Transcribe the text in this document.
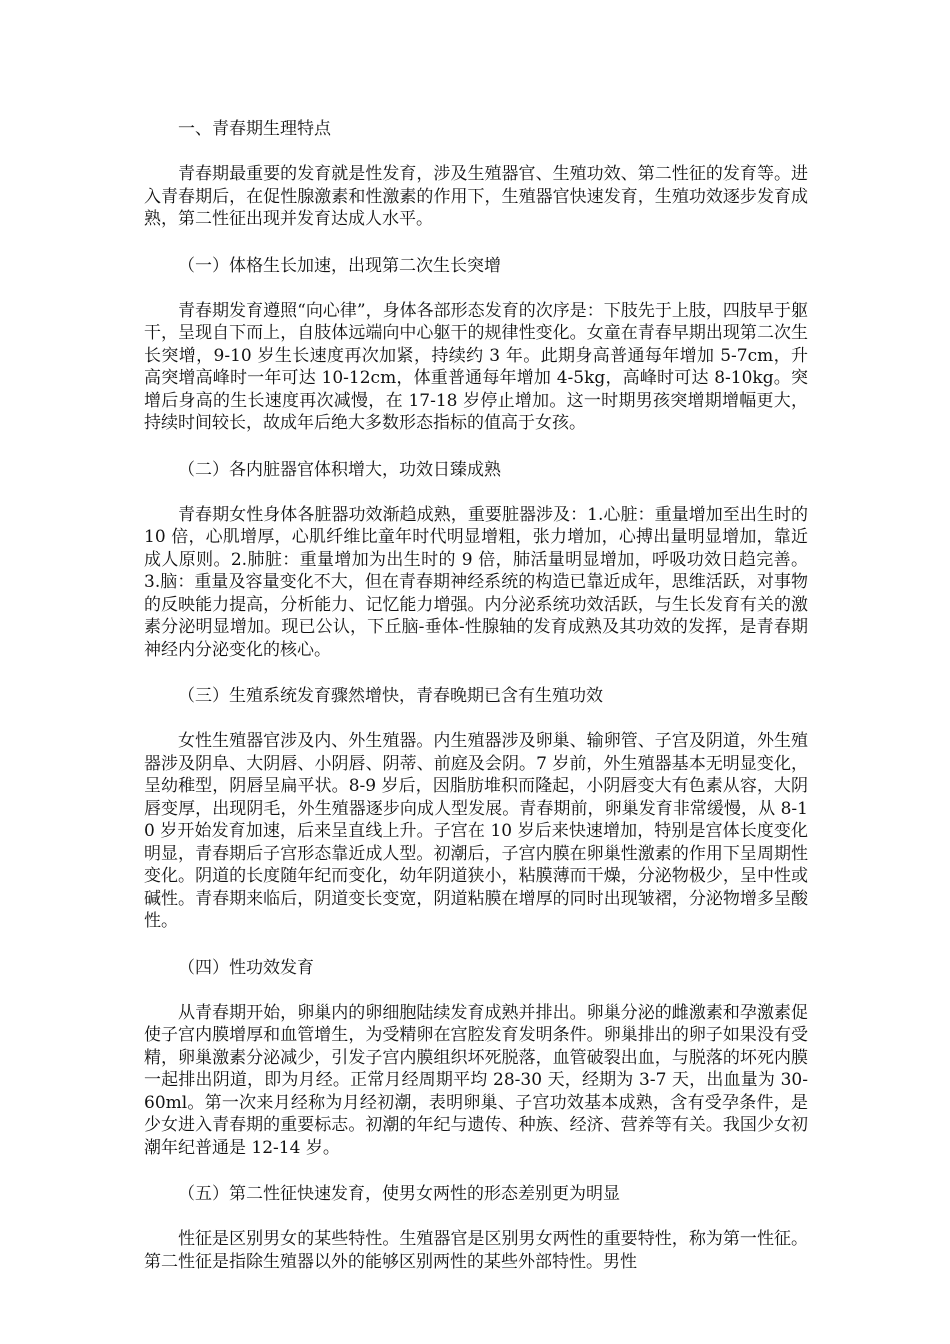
一、青春期生理特点

青春期最重要的发育就是性发育，涉及生殖器官、生殖功效、第二性征的发育等。进入青春期后，在促性腺激素和性激素的作用下，生殖器官快速发育，生殖功效逐步发育成熟，第二性征出现并发育达成人水平。

（一）体格生长加速，出现第二次生长突增

青春期发育遵照“向心律”，身体各部形态发育的次序是：下肢先于上肢，四肢早于躯干，呈现自下而上，自肢体远端向中心躯干的规律性变化。女童在青春早期出现第二次生长突增，9-10 岁生长速度再次加紧，持续约 3 年。此期身高普通每年增加 5-7cm，升高突增高峰时一年可达 10-12cm，体重普通每年增加 4-5kg，高峰时可达 8-10kg。突增后身高的生长速度再次减慢，在 17-18 岁停止增加。这一时期男孩突增期增幅更大，持续时间较长，故成年后绝大多数形态指标的值高于女孩。

（二）各内脏器官体积增大，功效日臻成熟

青春期女性身体各脏器功效渐趋成熟，重要脏器涉及：1.心脏：重量增加至出生时的 10 倍，心肌增厚，心肌纤维比童年时代明显增粗，张力增加，心搏出量明显增加，靠近成人原则。2.肺脏：重量增加为出生时的 9 倍，肺活量明显增加，呼吸功效日趋完善。3.脑：重量及容量变化不大，但在青春期神经系统的构造已靠近成年，思维活跃，对事物的反映能力提高，分析能力、记忆能力增强。内分泌系统功效活跃，与生长发育有关的激素分泌明显增加。现已公认，下丘脑-垂体-性腺轴的发育成熟及其功效的发挥，是青春期神经内分泌变化的核心。

（三）生殖系统发育骤然增快，青春晚期已含有生殖功效

女性生殖器官涉及内、外生殖器。内生殖器涉及卵巢、输卵管、子宫及阴道，外生殖器涉及阴阜、大阴唇、小阴唇、阴蒂、前庭及会阴。7 岁前，外生殖器基本无明显变化，呈幼稚型，阴唇呈扁平状。8-9 岁后，因脂肪堆积而隆起，小阴唇变大有色素从容，大阴唇变厚，出现阴毛，外生殖器逐步向成人型发展。青春期前，卵巢发育非常缓慢，从 8-10 岁开始发育加速，后来呈直线上升。子宫在 10 岁后来快速增加，特别是宫体长度变化明显，青春期后子宫形态靠近成人型。初潮后，子宫内膜在卵巢性激素的作用下呈周期性变化。阴道的长度随年纪而变化，幼年阴道狭小，粘膜薄而干燥，分泌物极少，呈中性或碱性。青春期来临后，阴道变长变宽，阴道粘膜在增厚的同时出现皱褶，分泌物增多呈酸性。

（四）性功效发育

从青春期开始，卵巢内的卵细胞陆续发育成熟并排出。卵巢分泌的雌激素和孕激素促使子宫内膜增厚和血管增生，为受精卵在宫腔发育发明条件。卵巢排出的卵子如果没有受精，卵巢激素分泌减少，引发子宫内膜组织坏死脱落，血管破裂出血，与脱落的坏死内膜一起排出阴道，即为月经。正常月经周期平均 28-30 天，经期为 3-7 天，出血量为 30-60ml。第一次来月经称为月经初潮，表明卵巢、子宫功效基本成熟，含有受孕条件，是少女进入青春期的重要标志。初潮的年纪与遗传、种族、经济、营养等有关。我国少女初潮年纪普通是 12-14 岁。

（五）第二性征快速发育，使男女两性的形态差别更为明显

性征是区别男女的某些特性。生殖器官是区别男女两性的重要特性，称为第一性征。第二性征是指除生殖器以外的能够区别两性的某些外部特性。男性
